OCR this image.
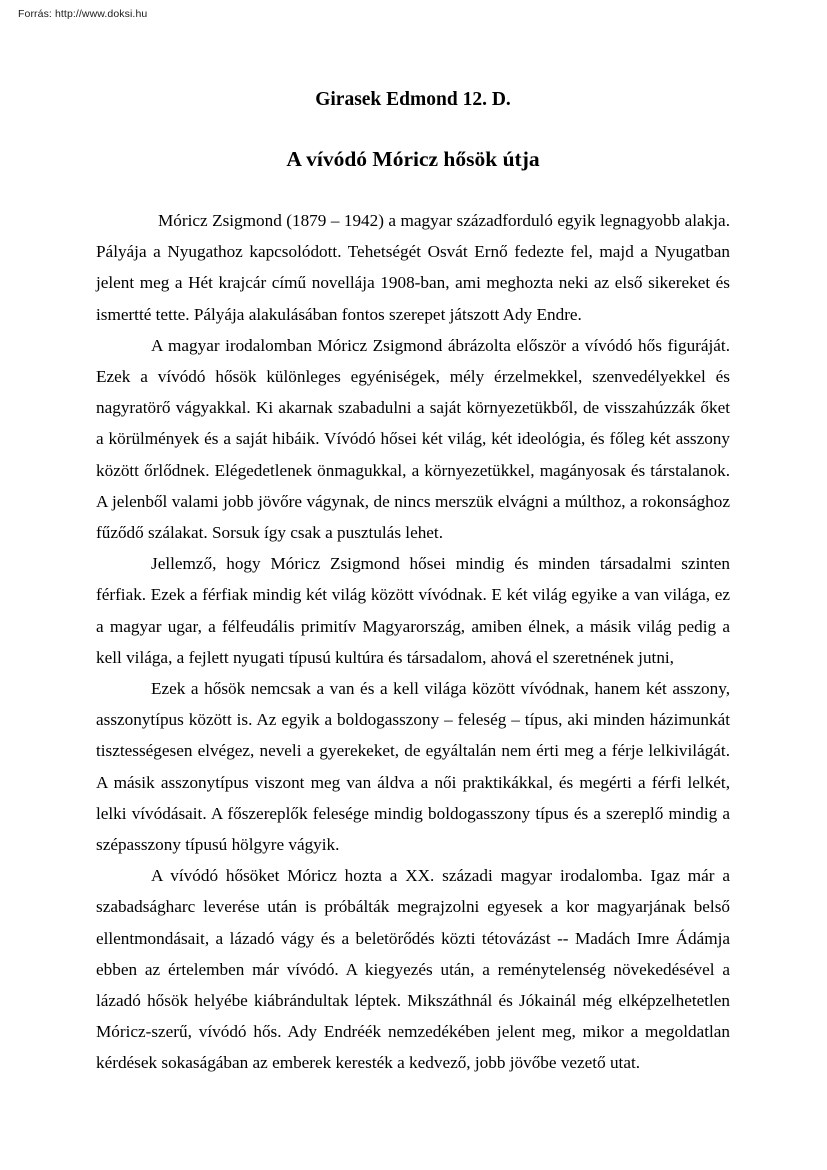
Forrás: http://www.doksi.hu
Girasek Edmond 12. D.
A vívódó Móricz hősök útja

Móricz Zsigmond (1879 – 1942) a magyar századforduló egyik legnagyobb alakja. Pályája a Nyugathoz kapcsolódott. Tehetségét Osvát Ernő fedezte fel, majd a Nyugatban jelent meg a Hét krajcár című novellája 1908-ban, ami meghozta neki az első sikereket és ismertté tette. Pályája alakulásában fontos szerepet játszott Ady Endre.

A magyar irodalomban Móricz Zsigmond ábrázolta először a vívódó hős figuráját. Ezek a vívódó hősök különleges egyéniségek, mély érzelmekkel, szenvedélyekkel és nagyratörő vágyakkal. Ki akarnak szabadulni a saját környezetükből, de visszahúzzák őket a körülmények és a saját hibáik. Vívódó hősei két világ, két ideológia, és főleg két asszony között őrlődnek. Elégedetlenek önmagukkal, a környezetükkel, magányosak és társtalanok. A jelenből valami jobb jövőre vágynak, de nincs merszük elvágni a múlthoz, a rokonsághoz fűződő szálakat. Sorsuk így csak a pusztulás lehet.

Jellemző, hogy Móricz Zsigmond hősei mindig és minden társadalmi szinten férfiak. Ezek a férfiak mindig két világ között vívódnak. E két világ egyike a van világa, ez a magyar ugar, a félfeudális primitív Magyarország, amiben élnek, a másik világ pedig a kell világa, a fejlett nyugati típusú kultúra és társadalom, ahová el szeretnének jutni,

Ezek a hősök nemcsak a van és a kell világa között vívódnak, hanem két asszony, asszonytípus között is. Az egyik a boldogasszony – feleség – típus, aki minden házimunkát tisztességesen elvégez, neveli a gyerekeket, de egyáltalán nem érti meg a férje lelkivilágát. A másik asszonytípus viszont meg van áldva a női praktikákkal, és megérti a férfi lelkét, lelki vívódásait. A főszereplők felesége mindig boldogasszony típus és a szereplő mindig a szépasszony típusú hölgyre vágyik.

A vívódó hősöket Móricz hozta a XX. századi magyar irodalomba. Igaz már a szabadságharc leverése után is próbálták megrajzolni egyesek a kor magyarjának belső ellentmondásait, a lázadó vágy és a beletörődés közti tétovázást -- Madách Imre Ádámja ebben az értelemben már vívódó. A kiegyezés után, a reménytelenség növekedésével a lázadó hősök helyébe kiábrándultak léptek. Mikszáthnál és Jókainál még elképzelhetetlen Móricz-szerű, vívódó hős. Ady Endréék nemzedékében jelent meg, mikor a megoldatlan kérdések sokaságában az emberek keresték a kedvező, jobb jövőbe vezető utat.
